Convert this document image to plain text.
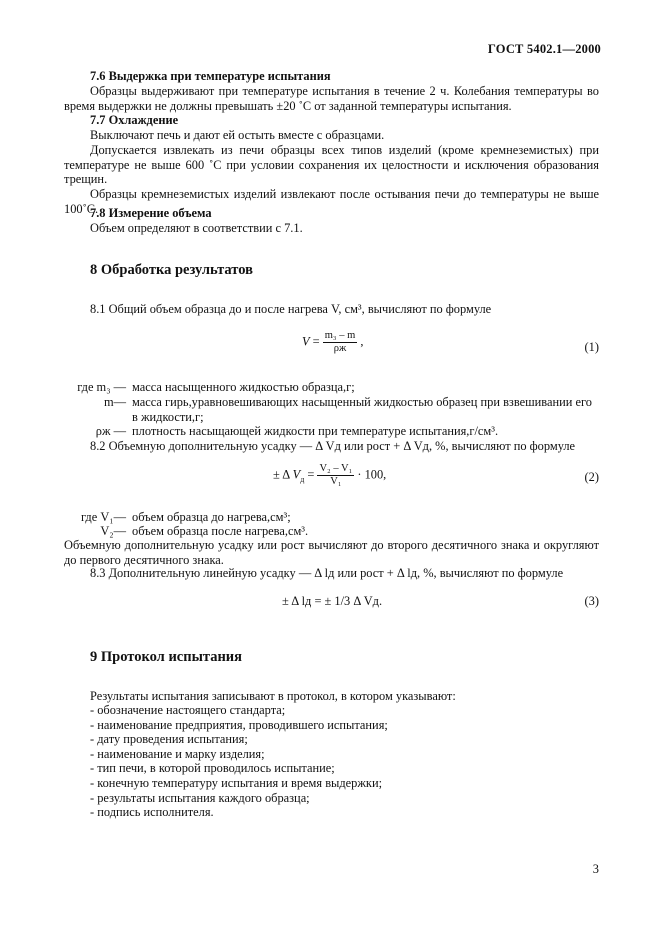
ГОСТ 5402.1—2000
7.6 Выдержка при температуре испытания
Образцы выдерживают при температуре испытания в течение 2 ч. Колебания температуры во время выдержки не должны превышать ±20 ˚С от заданной температуры испытания.
7.7 Охлаждение
Выключают печь и дают ей остыть вместе с образцами.
Допускается извлекать из печи образцы всех типов изделий (кроме кремнеземистых) при температуре не выше 600 ˚С при условии сохранения их целостности и исключения образования трещин.
Образцы кремнеземистых изделий извлекают после остывания печи до температуры не выше 100˚С.
7.8 Измерение объема
Объем определяют в соответствии с 7.1.
8 Обработка результатов
8.1 Общий объем образца до и после нагрева V, см³, вычисляют по формуле
$V = \frac{\text{m₃ – m}}{\rho ж}$ ,	(1)
где m₃ — масса насыщенного жидкостью образца,г;
m— масса гирь,уравновешивающих насыщенный жидкостью образец при взвешивании его
в жидкости,г;
ρж — плотность насыщающей жидкости при температуре испытания,г/см³.
8.2 Объемную дополнительную усадку — Δ Vд или рост + Δ Vд, %, вычисляют по формуле
± Δ $V_д = \frac{\text{V₂ – V₁}}{\text{V₁}} \cdot 100$,	(2)
где V₁— объем образца до нагрева,см³;
V₂— объем образца после нагрева,см³.
Объемную дополнительную усадку или рост вычисляют до второго десятичного знака и округляют до первого десятичного знака.
8.3 Дополнительную линейную усадку — Δ lд или рост + Δ lд, %, вычисляют по формуле
± Δ lд = ± 1/3 Δ Vд.	(3)
9 Протокол испытания
Результаты испытания записывают в протокол, в котором указывают:
- обозначение настоящего стандарта;
- наименование предприятия, проводившего испытания;
- дату проведения испытания;
- наименование и марку изделия;
- тип печи, в которой проводилось испытание;
- конечную температуру испытания и время выдержки;
- результаты испытания каждого образца;
- подпись исполнителя.
3
